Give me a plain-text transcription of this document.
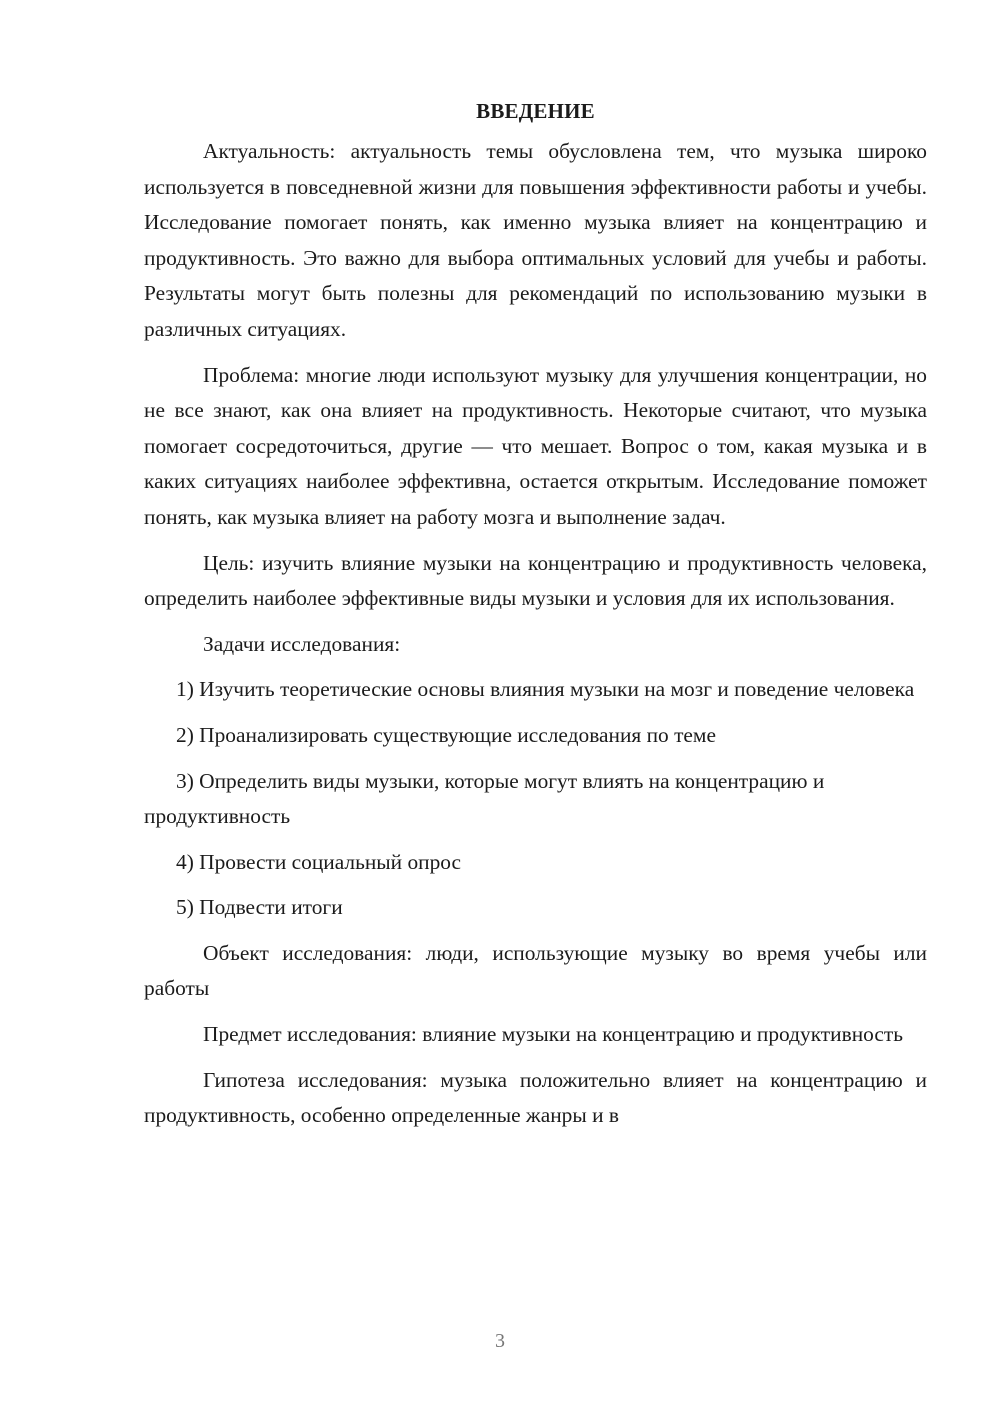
ВВЕДЕНИЕ

Актуальность: актуальность темы обусловлена тем, что музыка широко используется в повседневной жизни для повышения эффективности работы и учебы. Исследование помогает понять, как именно музыка влияет на концентрацию и продуктивность. Это важно для выбора оптимальных условий для учебы и работы. Результаты могут быть полезны для рекомендаций по использованию музыки в различных ситуациях.

Проблема: многие люди используют музыку для улучшения концентрации, но не все знают, как она влияет на продуктивность. Некоторые считают, что музыка помогает сосредоточиться, другие — что мешает. Вопрос о том, какая музыка и в каких ситуациях наиболее эффективна, остается открытым. Исследование поможет понять, как музыка влияет на работу мозга и выполнение задач.

Цель: изучить влияние музыки на концентрацию и продуктивность человека, определить наиболее эффективные виды музыки и условия для их использования.

Задачи исследования:

1) Изучить теоретические основы влияния музыки на мозг и поведение человека

2) Проанализировать существующие исследования по теме

3) Определить виды музыки, которые могут влиять на концентрацию и продуктивность

4) Провести социальный опрос

5) Подвести итоги

Объект исследования: люди, использующие музыку во время учебы или работы

Предмет исследования: влияние музыки на концентрацию и продуктивность

Гипотеза исследования: музыка положительно влияет на концентрацию и продуктивность, особенно определенные жанры и в

3
